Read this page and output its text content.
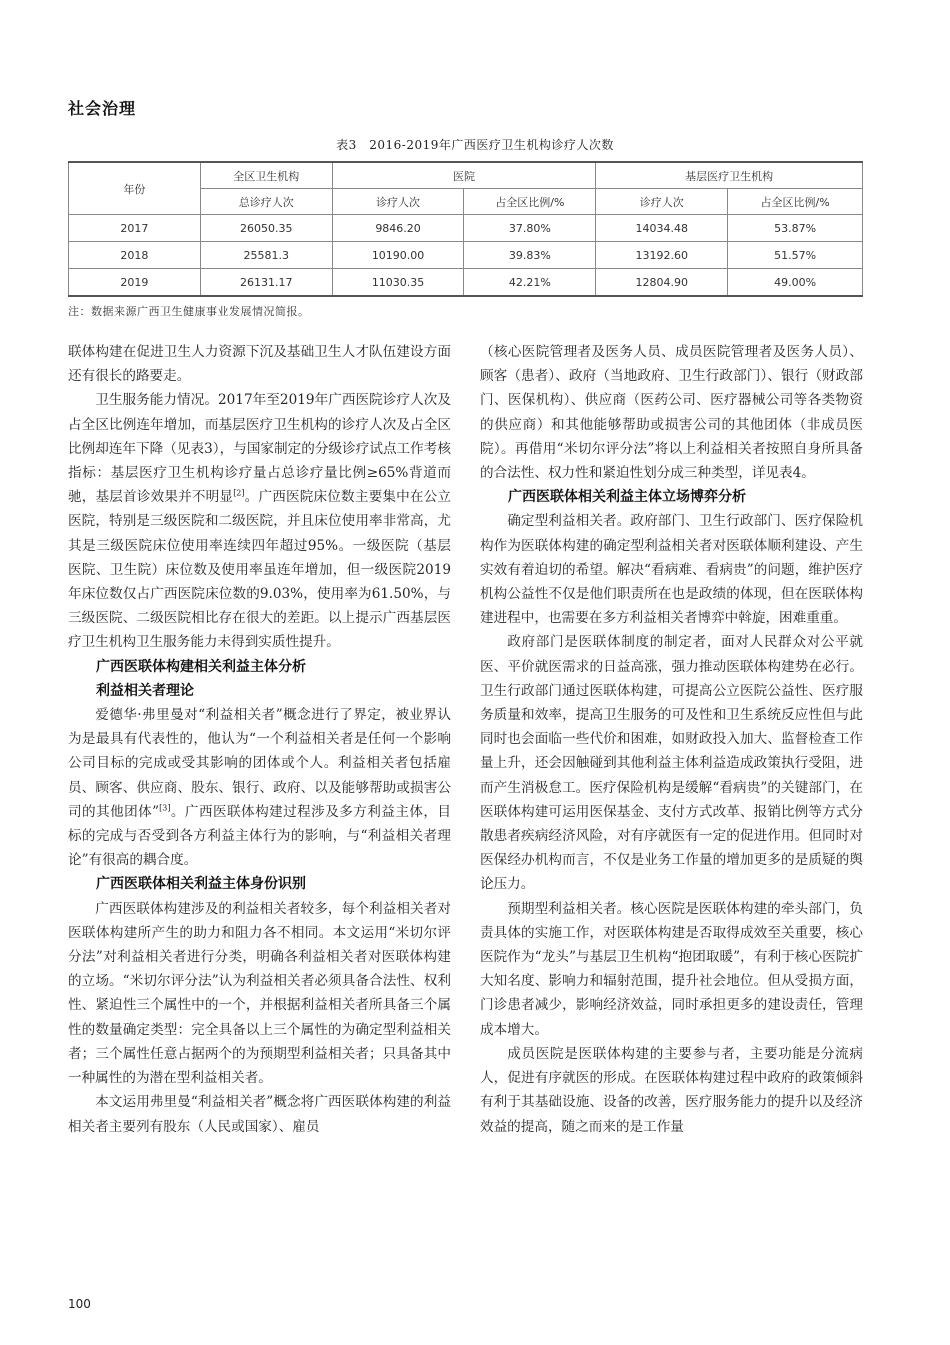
社会治理
表3　2016-2019年广西医疗卫生机构诊疗人次数
年份	全区卫生机构	医院		基层医疗卫生机构	
	总诊疗人次	诊疗人次	占全区比例/%	诊疗人次	占全区比例/%
2017	26050.35	9846.20	37.80%	14034.48	53.87%
2018	25581.3	10190.00	39.83%	13192.60	51.57%
2019	26131.17	11030.35	42.21%	12804.90	49.00%
注：数据来源广西卫生健康事业发展情况简报。

联体构建在促进卫生人力资源下沉及基础卫生人才队伍建设方面还有很长的路要走。

卫生服务能力情况。2017年至2019年广西医院诊疗人次及占全区比例连年增加，而基层医疗卫生机构的诊疗人次及占全区比例却连年下降（见表3），与国家制定的分级诊疗试点工作考核指标：基层医疗卫生机构诊疗量占总诊疗量比例≥65%背道而驰，基层首诊效果并不明显[2]。广西医院床位数主要集中在公立医院，特别是三级医院和二级医院，并且床位使用率非常高，尤其是三级医院床位使用率连续四年超过95%。一级医院（基层医院、卫生院）床位数及使用率虽连年增加，但一级医院2019年床位数仅占广西医院床位数的9.03%，使用率为61.50%，与三级医院、二级医院相比存在很大的差距。以上提示广西基层医疗卫生机构卫生服务能力未得到实质性提升。

广西医联体构建相关利益主体分析
利益相关者理论

爱德华·弗里曼对“利益相关者”概念进行了界定，被业界认为是最具有代表性的，他认为“一个利益相关者是任何一个影响公司目标的完成或受其影响的团体或个人。利益相关者包括雇员、顾客、供应商、股东、银行、政府、以及能够帮助或损害公司的其他团体”[3]。广西医联体构建过程涉及多方利益主体，目标的完成与否受到各方利益主体行为的影响，与“利益相关者理论”有很高的耦合度。

广西医联体相关利益主体身份识别

广西医联体构建涉及的利益相关者较多，每个利益相关者对医联体构建所产生的助力和阻力各不相同。本文运用“米切尔评分法”对利益相关者进行分类，明确各利益相关者对医联体构建的立场。“米切尔评分法”认为利益相关者必须具备合法性、权利性、紧迫性三个属性中的一个，并根据利益相关者所具备三个属性的数量确定类型：完全具备以上三个属性的为确定型利益相关者；三个属性任意占据两个的为预期型利益相关者；只具备其中一种属性的为潜在型利益相关者。

本文运用弗里曼“利益相关者”概念将广西医联体构建的利益相关者主要列有股东（人民或国家）、雇员

（核心医院管理者及医务人员、成员医院管理者及医务人员）、顾客（患者）、政府（当地政府、卫生行政部门）、银行（财政部门、医保机构）、供应商（医药公司、医疗器械公司等各类物资的供应商）和其他能够帮助或损害公司的其他团体（非成员医院）。再借用“米切尔评分法”将以上利益相关者按照自身所具备的合法性、权力性和紧迫性划分成三种类型，详见表4。

广西医联体相关利益主体立场博弈分析

确定型利益相关者。政府部门、卫生行政部门、医疗保险机构作为医联体构建的确定型利益相关者对医联体顺利建设、产生实效有着迫切的希望。解决“看病难、看病贵”的问题，维护医疗机构公益性不仅是他们职责所在也是政绩的体现，但在医联体构建进程中，也需要在多方利益相关者博弈中斡旋，困难重重。

政府部门是医联体制度的制定者，面对人民群众对公平就医、平价就医需求的日益高涨，强力推动医联体构建势在必行。卫生行政部门通过医联体构建，可提高公立医院公益性、医疗服务质量和效率，提高卫生服务的可及性和卫生系统反应性但与此同时也会面临一些代价和困难，如财政投入加大、监督检查工作量上升，还会因触碰到其他利益主体利益造成政策执行受阻，进而产生消极怠工。医疗保险机构是缓解“看病贵”的关键部门，在医联体构建可运用医保基金、支付方式改革、报销比例等方式分散患者疾病经济风险，对有序就医有一定的促进作用。但同时对医保经办机构而言，不仅是业务工作量的增加更多的是质疑的舆论压力。

预期型利益相关者。核心医院是医联体构建的牵头部门，负责具体的实施工作，对医联体构建是否取得成效至关重要，核心医院作为“龙头”与基层卫生机构“抱团取暖”，有利于核心医院扩大知名度、影响力和辐射范围，提升社会地位。但从受损方面，门诊患者减少，影响经济效益，同时承担更多的建设责任，管理成本增大。

成员医院是医联体构建的主要参与者，主要功能是分流病人，促进有序就医的形成。在医联体构建过程中政府的政策倾斜有利于其基础设施、设备的改善，医疗服务能力的提升以及经济效益的提高，随之而来的是工作量

100
